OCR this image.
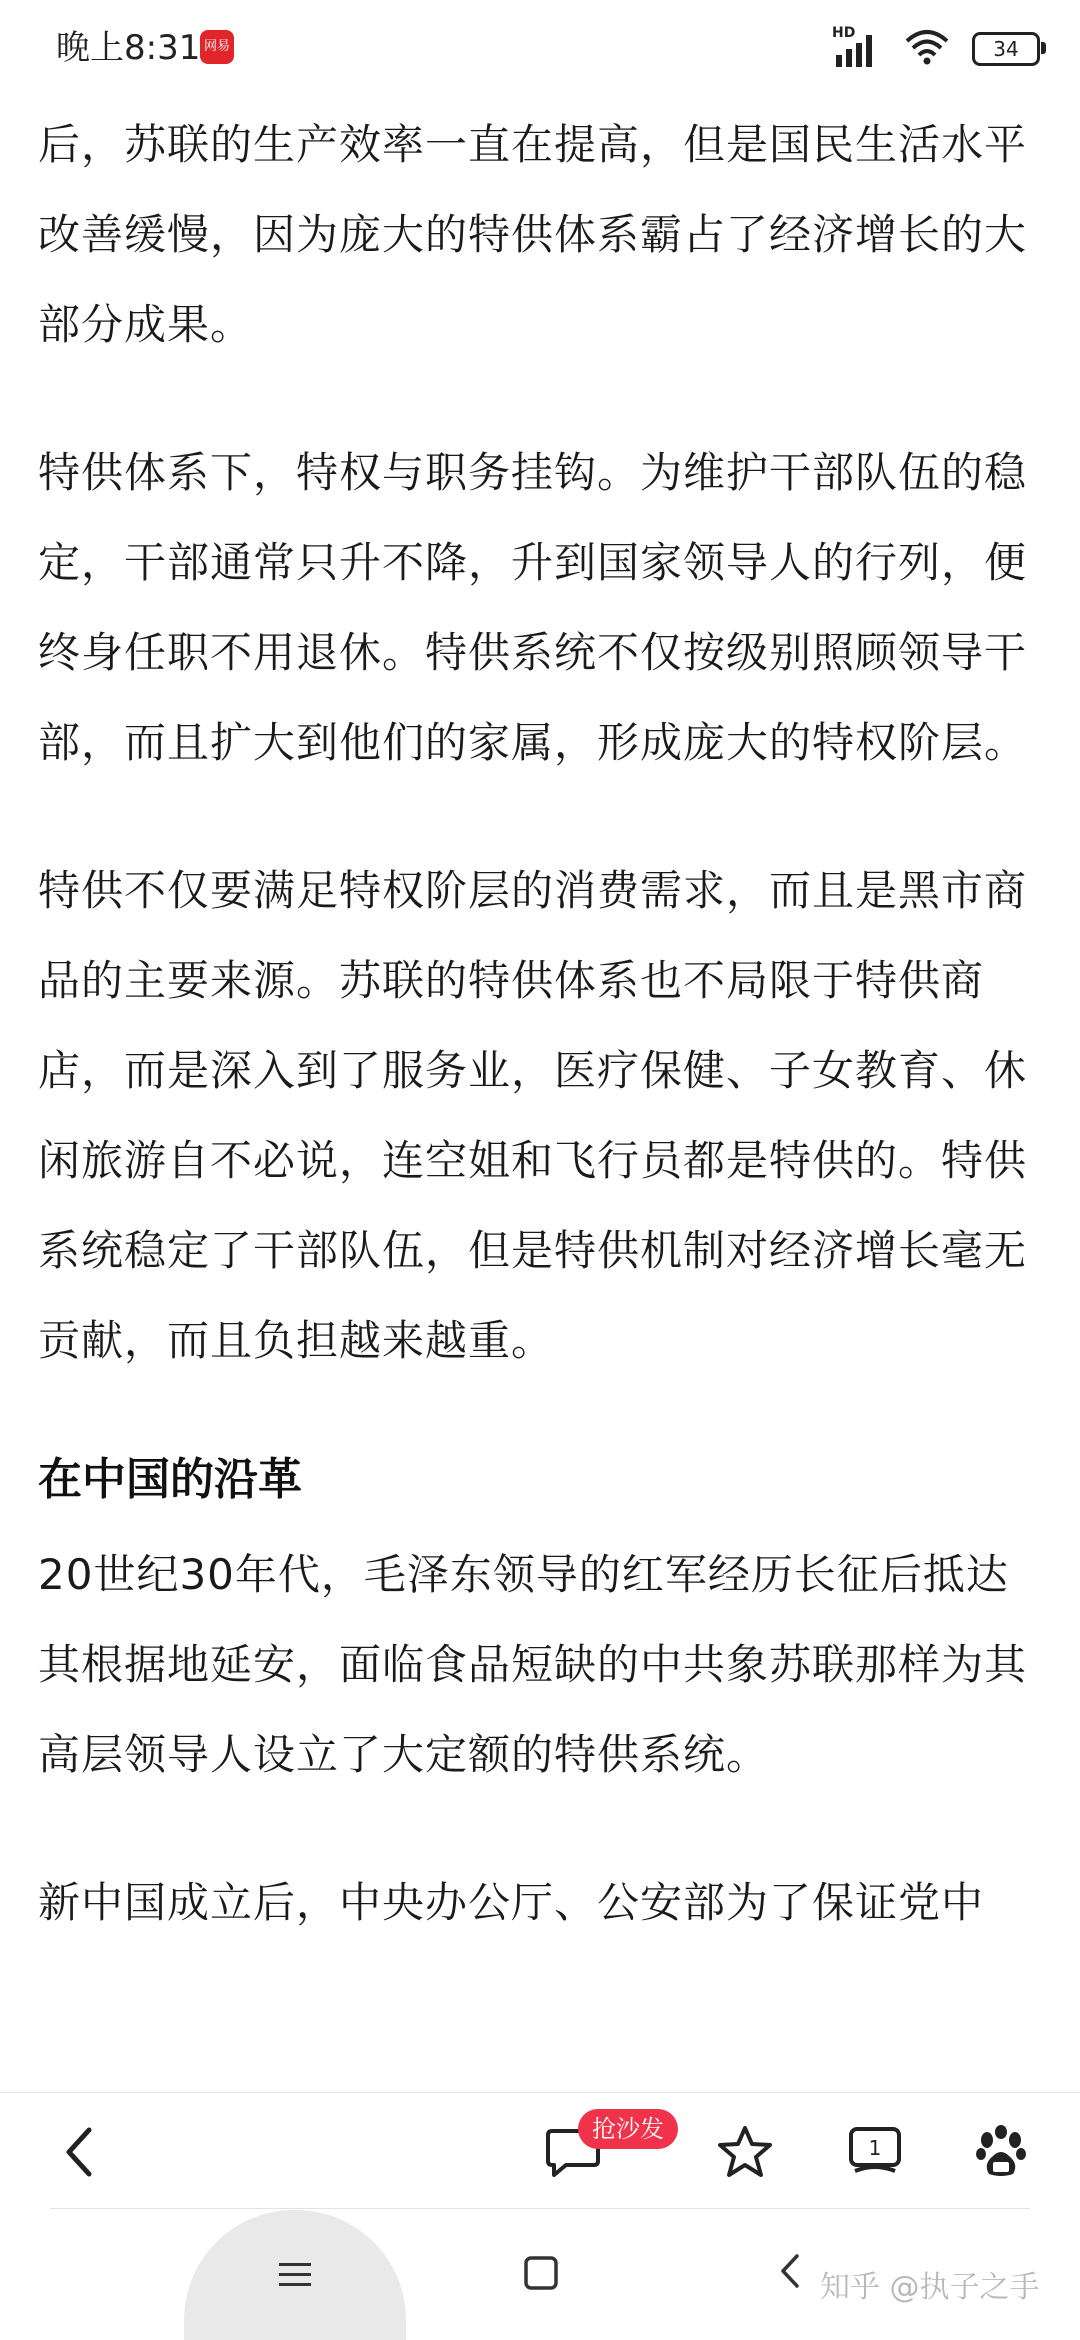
晚上8:31 网易
HD
34

后，苏联的生产效率一直在提高，但是国民生活水平改善缓慢，因为庞大的特供体系霸占了经济增长的大部分成果。

特供体系下，特权与职务挂钩。为维护干部队伍的稳定，干部通常只升不降，升到国家领导人的行列，便终身任职不用退休。特供系统不仅按级别照顾领导干部，而且扩大到他们的家属，形成庞大的特权阶层。

特供不仅要满足特权阶层的消费需求，而且是黑市商品的主要来源。苏联的特供体系也不局限于特供商店，而是深入到了服务业，医疗保健、子女教育、休闲旅游自不必说，连空姐和飞行员都是特供的。特供系统稳定了干部队伍，但是特供机制对经济增长毫无贡献，而且负担越来越重。

在中国的沿革

20世纪30年代，毛泽东领导的红军经历长征后抵达其根据地延安，面临食品短缺的中共象苏联那样为其高层领导人设立了大定额的特供系统。

新中国成立后，中央办公厅、公安部为了保证党中

抢沙发
1
知乎 @执子之手
